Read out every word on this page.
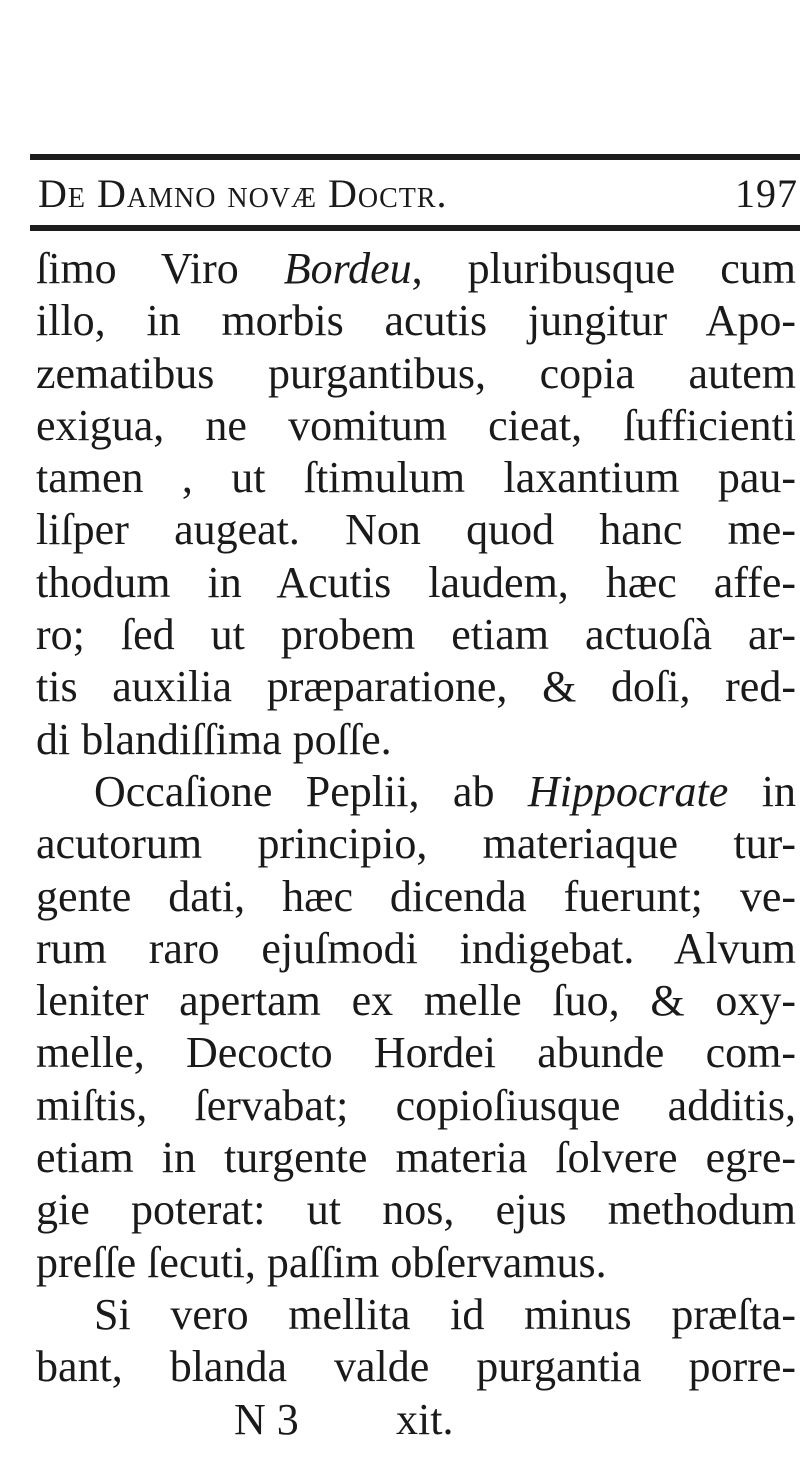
De Damno novæ Doctr.	197
ſimo Viro Bordeu, pluribusque cum
illo, in morbis acutis jungitur Apo-
zematibus purgantibus, copia autem
exigua, ne vomitum cieat, ſufficienti
tamen , ut ſtimulum laxantium pau-
liſper augeat. Non quod hanc me-
thodum in Acutis laudem, hæc affe-
ro; ſed ut probem etiam actuoſà ar-
tis auxilia præparatione, & doſi, red-
di blandiſſima poſſe.
Occaſione Peplii, ab Hippocrate in
acutorum principio, materiaque tur-
gente dati, hæc dicenda fuerunt; ve-
rum raro ejuſmodi indigebat. Alvum
leniter apertam ex melle ſuo, & oxy-
melle, Decocto Hordei abunde com-
miſtis, ſervabat; copioſiusque additis,
etiam in turgente materia ſolvere egre-
gie poterat: ut nos, ejus methodum
preſſe ſecuti, paſſim obſervamus.
Si vero mellita id minus præſta-
bant, blanda valde purgantia porre-
N 3 xit.
